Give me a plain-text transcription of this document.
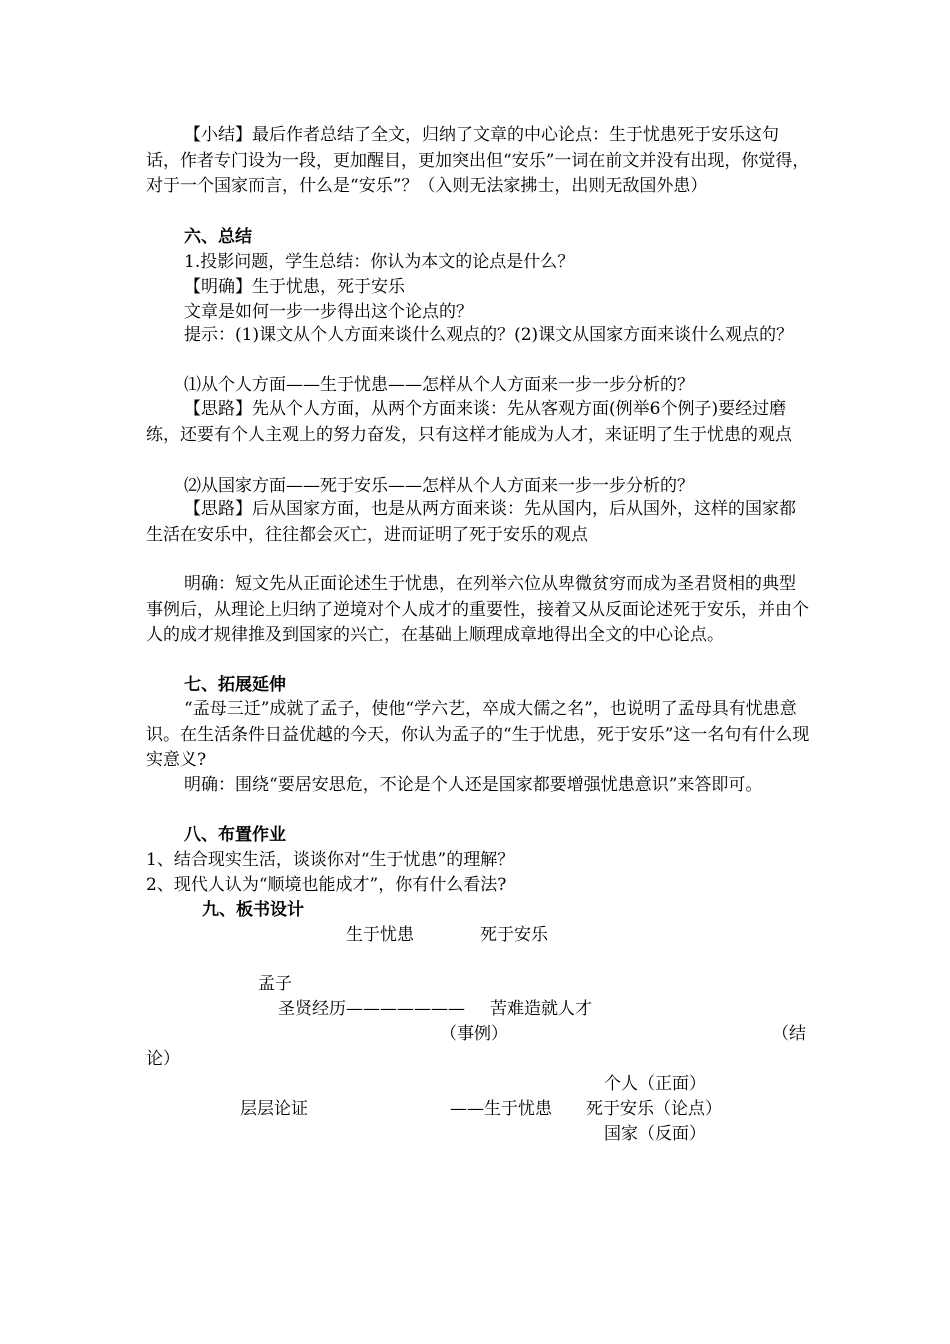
【小结】最后作者总结了全文，归纳了文章的中心论点：生于忧患死于安乐这句话，作者专门设为一段，更加醒目，更加突出但“安乐”一词在前文并没有出现，你觉得，对于一个国家而言，什么是“安乐”？（入则无法家拂士，出则无敌国外患）
六、总结
1.投影问题，学生总结：你认为本文的论点是什么？
【明确】生于忧患，死于安乐
文章是如何一步一步得出这个论点的？
提示：(1)课文从个人方面来谈什么观点的？(2)课文从国家方面来谈什么观点的？
⑴从个人方面——生于忧患——怎样从个人方面来一步一步分析的？
【思路】先从个人方面，从两个方面来谈：先从客观方面(例举6个例子)要经过磨练，还要有个人主观上的努力奋发，只有这样才能成为人才，来证明了生于忧患的观点
⑵从国家方面——死于安乐——怎样从个人方面来一步一步分析的？
【思路】后从国家方面，也是从两方面来谈：先从国内，后从国外，这样的国家都生活在安乐中，往往都会灭亡，进而证明了死于安乐的观点
明确：短文先从正面论述生于忧患，在列举六位从卑微贫穷而成为圣君贤相的典型事例后，从理论上归纳了逆境对个人成才的重要性，接着又从反面论述死于安乐，并由个人的成才规律推及到国家的兴亡，在基础上顺理成章地得出全文的中心论点。
七、拓展延伸
“孟母三迁”成就了孟子，使他“学六艺，卒成大儒之名”，也说明了孟母具有忧患意识。在生活条件日益优越的今天，你认为孟子的“生于忧患，死于安乐”这一名句有什么现实意义?
明确：围绕“要居安思危，不论是个人还是国家都要增强忧患意识”来答即可。
八、布置作业
1、结合现实生活，谈谈你对“生于忧患”的理解？
2、现代人认为“顺境也能成才”，你有什么看法?
九、板书设计
生于忧患	死于安乐
孟子
圣贤经历——————— 苦难造就人才
（事例）	（结
论）
个人（正面）
层层论证	——生于忧患 死于安乐（论点）
国家（反面）
